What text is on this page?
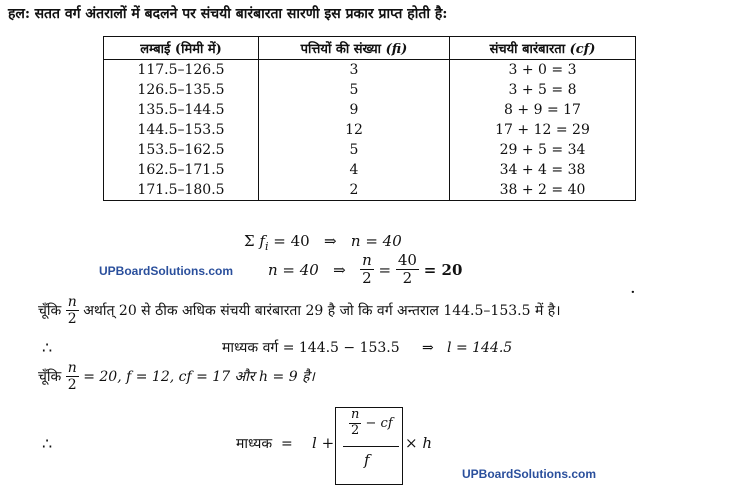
हल: सतत वर्ग अंतरालों में बदलने पर संचयी बारंबारता सारणी इस प्रकार प्राप्त होती है:
लम्बाई (मिमी में)	पत्तियों की संख्या (fi)	संचयी बारंबारता (cf)
117.5–126.5	3	3 + 0 = 3
126.5–135.5	5	3 + 5 = 8
135.5–144.5	9	8 + 9 = 17
144.5–153.5	12	17 + 12 = 29
153.5–162.5	5	29 + 5 = 34
162.5–171.5	4	34 + 4 = 38
171.5–180.5	2	38 + 2 = 40
Σ $f_i = 40$ ⇒ n = 40
UPBoardSolutions.com n = 40 ⇒ $\frac{n}{2} = \frac{40}{2} = 20$
·
चूँकि $\frac{n}{2}$ अर्थात् 20 से ठीक अधिक संचयी बारंबारता 29 है जो कि वर्ग अन्तराल 144.5–153.5 में है।
∴	माध्यक वर्ग = 144.5 − 153.5 ⇒ l = 144.5
चूँकि $\frac{n}{2} = 20$, f = 12, cf = 17 और h = 9 है।
∴	माध्यक = l +
$\frac{n}{2}$ − cf
f
× h
UPBoardSolutions.com
